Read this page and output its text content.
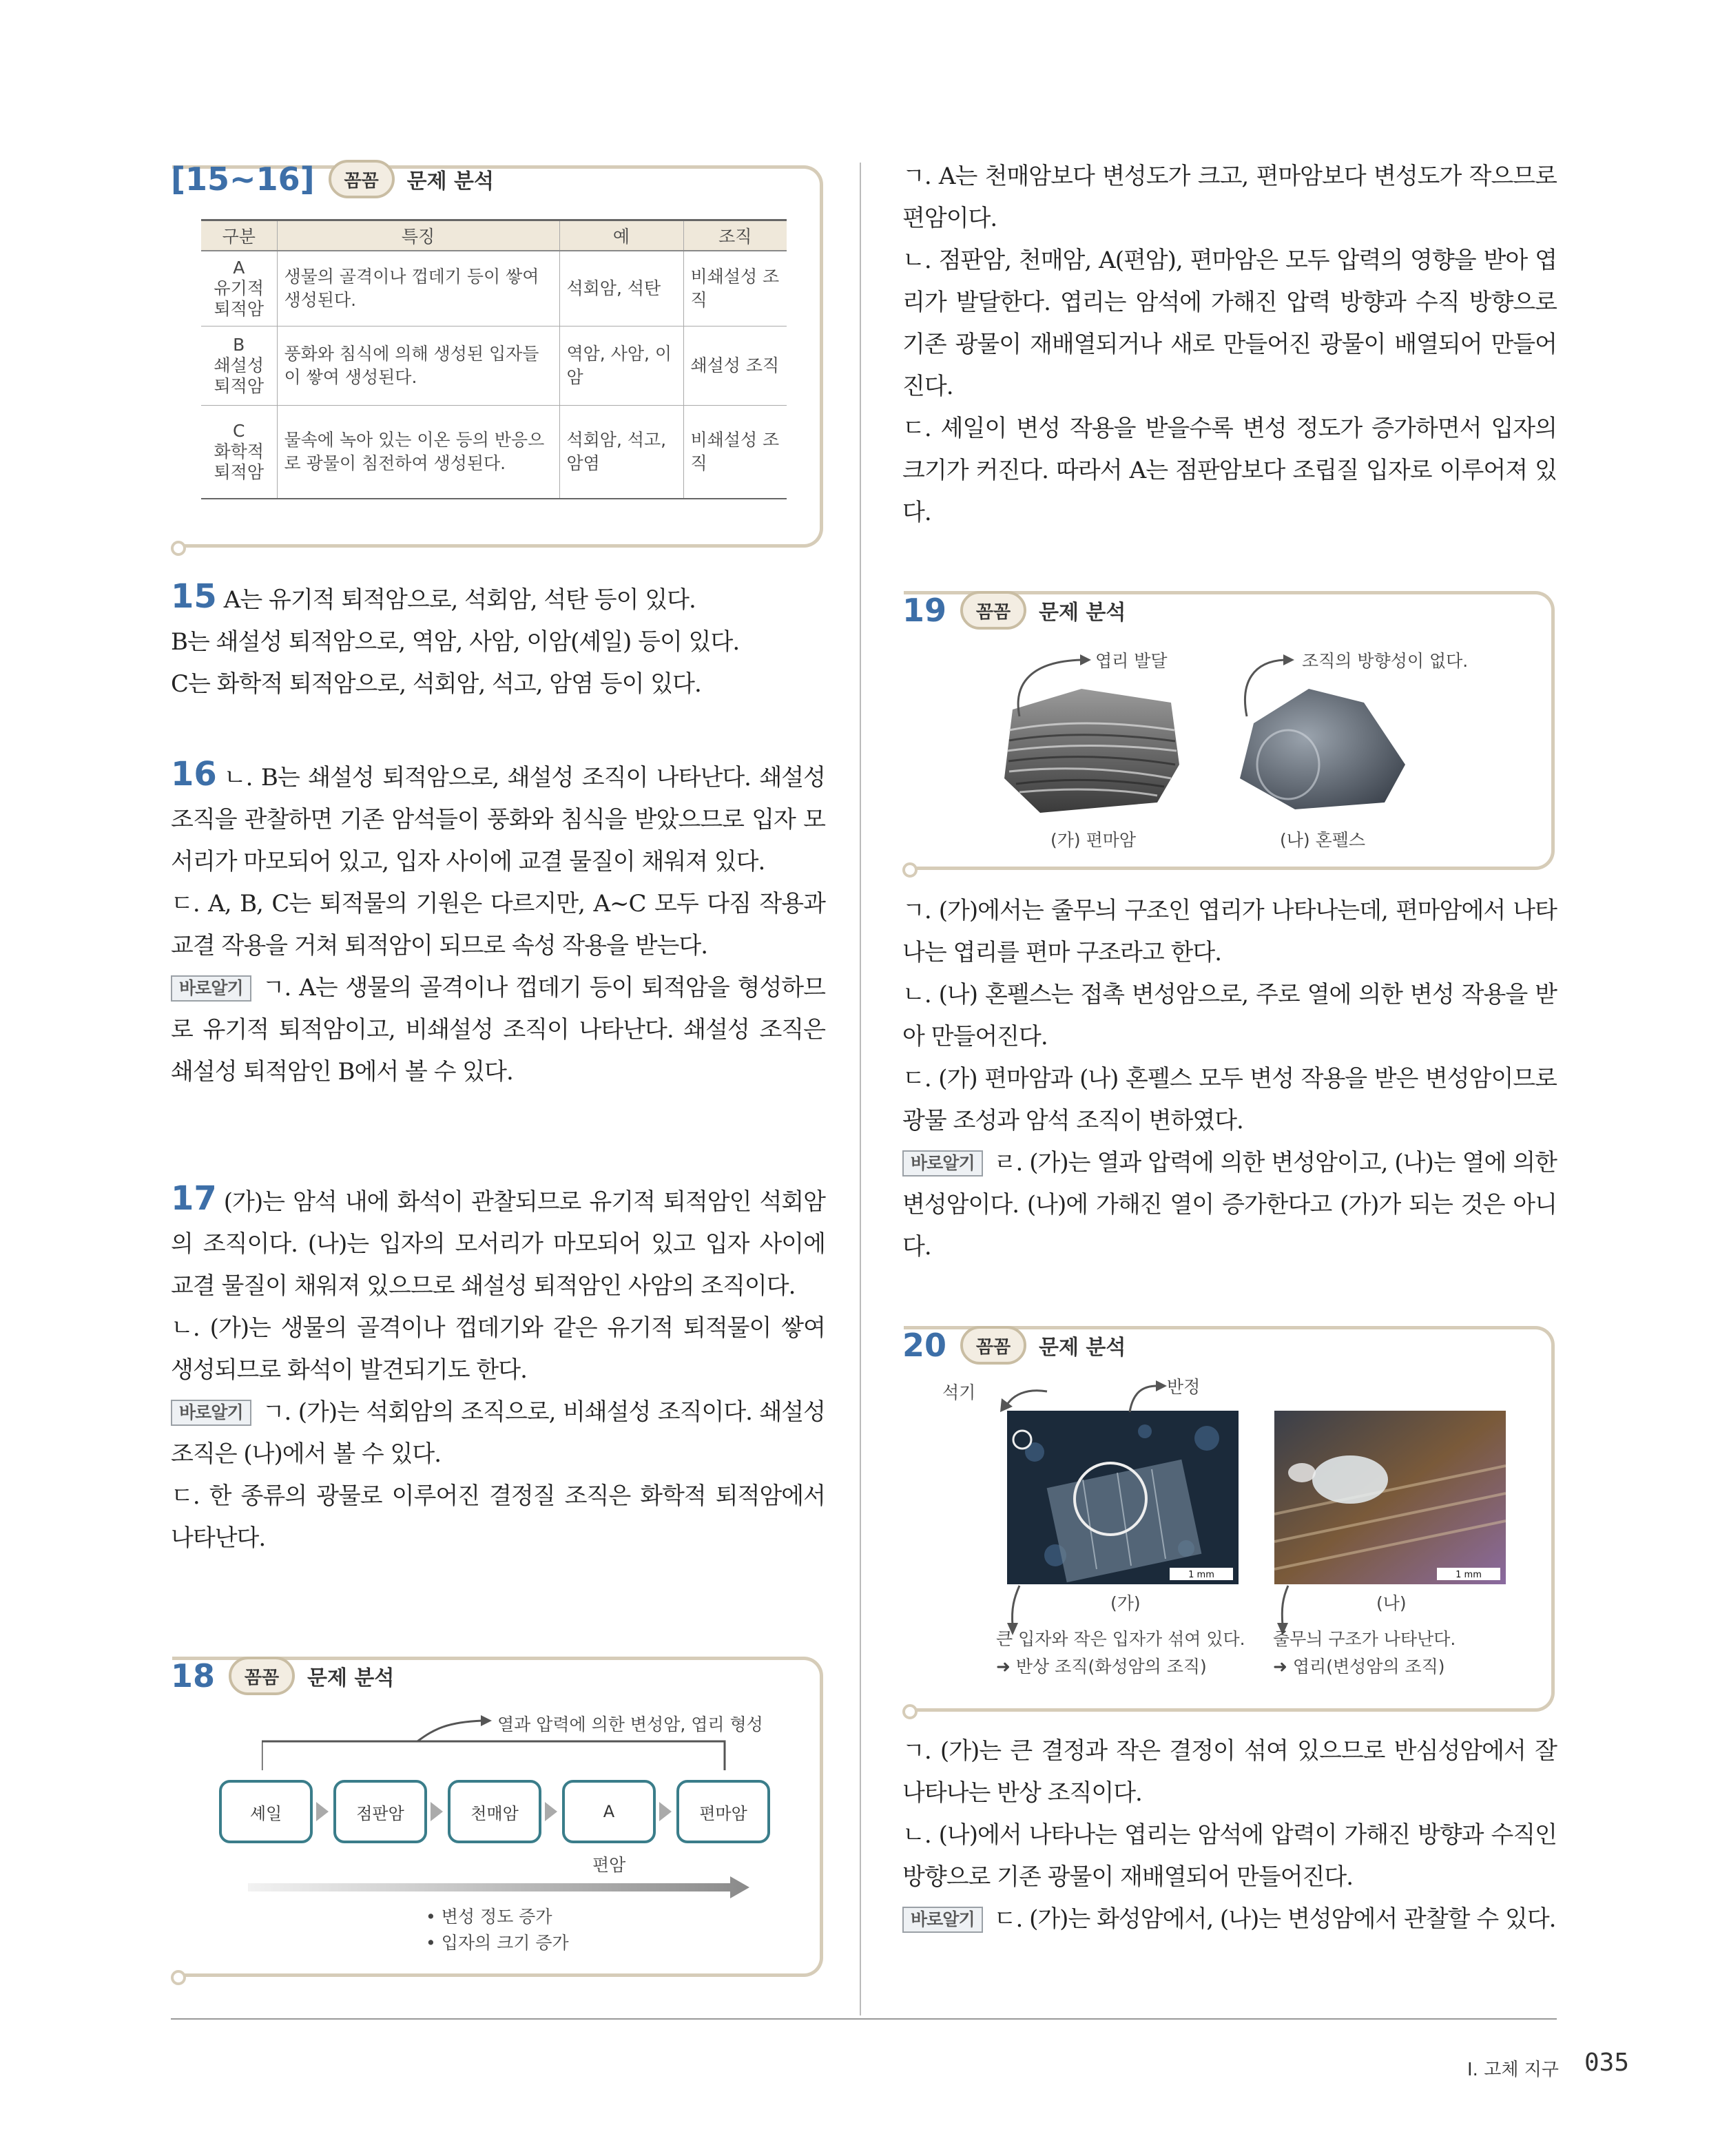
[15~16]	꼼꼼	문제 분석
구분	특징	예	조직

A
유기적
퇴적암	생물의 골격이나 껍데기 등이 쌓여 생성된다.	석회암, 석탄	비쇄설성 조직

B
쇄설성
퇴적암	풍화와 침식에 의해 생성된 입자들이 쌓여 생성된다.	역암, 사암, 이암	쇄설성 조직

C
화학적
퇴적암	물속에 녹아 있는 이온 등의 반응으로 광물이 침전하여 생성된다.	석회암, 석고, 암염	비쇄설성 조직
15 A는 유기적 퇴적암으로, 석회암, 석탄 등이 있다.
B는 쇄설성 퇴적암으로, 역암, 사암, 이암(셰일) 등이 있다.
C는 화학적 퇴적암으로, 석회암, 석고, 암염 등이 있다.
16 ㄴ. B는 쇄설성 퇴적암으로, 쇄설성 조직이 나타난다. 쇄설성 조직을 관찰하면 기존 암석들이 풍화와 침식을 받았으므로 입자 모서리가 마모되어 있고, 입자 사이에 교결 물질이 채워져 있다.
ㄷ. A, B, C는 퇴적물의 기원은 다르지만, A~C 모두 다짐 작용과 교결 작용을 거쳐 퇴적암이 되므로 속성 작용을 받는다.
바로알기 ㄱ. A는 생물의 골격이나 껍데기 등이 퇴적암을 형성하므로 유기적 퇴적암이고, 비쇄설성 조직이 나타난다. 쇄설성 조직은 쇄설성 퇴적암인 B에서 볼 수 있다.
17 (가)는 암석 내에 화석이 관찰되므로 유기적 퇴적암인 석회암의 조직이다. (나)는 입자의 모서리가 마모되어 있고 입자 사이에 교결 물질이 채워져 있으므로 쇄설성 퇴적암인 사암의 조직이다.
ㄴ. (가)는 생물의 골격이나 껍데기와 같은 유기적 퇴적물이 쌓여 생성되므로 화석이 발견되기도 한다.
바로알기 ㄱ. (가)는 석회암의 조직으로, 비쇄설성 조직이다. 쇄설성 조직은 (나)에서 볼 수 있다.
ㄷ. 한 종류의 광물로 이루어진 결정질 조직은 화학적 퇴적암에서 나타난다.
18	꼼꼼	문제 분석
열과 압력에 의한 변성암, 엽리 형성
셰일	점판암	천매암	A	편마암
편암
• 변성 정도 증가
• 입자의 크기 증가
ㄱ. A는 천매암보다 변성도가 크고, 편마암보다 변성도가 작으므로 편암이다.
ㄴ. 점판암, 천매암, A(편암), 편마암은 모두 압력의 영향을 받아 엽리가 발달한다. 엽리는 암석에 가해진 압력 방향과 수직 방향으로 기존 광물이 재배열되거나 새로 만들어진 광물이 배열되어 만들어진다.
ㄷ. 셰일이 변성 작용을 받을수록 변성 정도가 증가하면서 입자의 크기가 커진다. 따라서 A는 점판암보다 조립질 입자로 이루어져 있다.
19	꼼꼼	문제 분석
엽리 발달	조직의 방향성이 없다.
(가) 편마암	(나) 혼펠스
ㄱ. (가)에서는 줄무늬 구조인 엽리가 나타나는데, 편마암에서 나타나는 엽리를 편마 구조라고 한다.
ㄴ. (나) 혼펠스는 접촉 변성암으로, 주로 열에 의한 변성 작용을 받아 만들어진다.
ㄷ. (가) 편마암과 (나) 혼펠스 모두 변성 작용을 받은 변성암이므로 광물 조성과 암석 조직이 변하였다.
바로알기 ㄹ. (가)는 열과 압력에 의한 변성암이고, (나)는 열에 의한 변성암이다. (나)에 가해진 열이 증가한다고 (가)가 되는 것은 아니다.
20	꼼꼼	문제 분석
1 mm	1 mm
석기	반정
(가)	(나)
큰 입자와 작은 입자가 섞여 있다.
➜ 반상 조직(화성암의 조직)
줄무늬 구조가 나타난다.
➜ 엽리(변성암의 조직)
ㄱ. (가)는 큰 결정과 작은 결정이 섞여 있으므로 반심성암에서 잘 나타나는 반상 조직이다.
ㄴ. (나)에서 나타나는 엽리는 암석에 압력이 가해진 방향과 수직인 방향으로 기존 광물이 재배열되어 만들어진다.
바로알기 ㄷ. (가)는 화성암에서, (나)는 변성암에서 관찰할 수 있다.
I. 고체 지구 035
